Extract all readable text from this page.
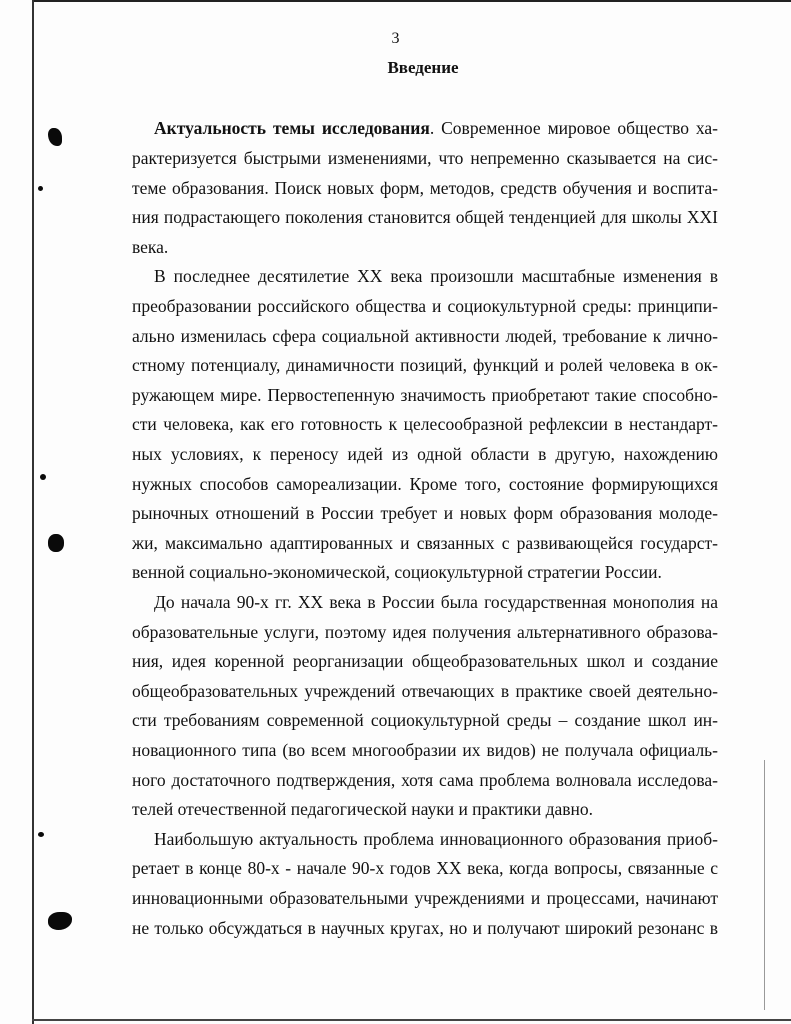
3
Введение
Актуальность темы исследования. Современное мировое общество ха-
рактеризуется быстрыми изменениями, что непременно сказывается на сис-
теме образования. Поиск новых форм, методов, средств обучения и воспита-
ния подрастающего поколения становится общей тенденцией для школы XXI
века.
В последнее десятилетие XX века произошли масштабные изменения в
преобразовании российского общества и социокультурной среды: принципи-
ально изменилась сфера социальной активности людей, требование к лично-
стному потенциалу, динамичности позиций, функций и ролей человека в ок-
ружающем мире. Первостепенную значимость приобретают такие способно-
сти человека, как его готовность к целесообразной рефлексии в нестандарт-
ных условиях, к переносу идей из одной области в другую, нахождению
нужных способов самореализации. Кроме того, состояние формирующихся
рыночных отношений в России требует и новых форм образования молоде-
жи, максимально адаптированных и связанных с развивающейся государст-
венной социально-экономической, социокультурной стратегии России.
До начала 90-х гг. XX века в России была государственная монополия на
образовательные услуги, поэтому идея получения альтернативного образова-
ния, идея коренной реорганизации общеобразовательных школ и создание
общеобразовательных учреждений отвечающих в практике своей деятельно-
сти требованиям современной социокультурной среды – создание школ ин-
новационного типа (во всем многообразии их видов) не получала официаль-
ного достаточного подтверждения, хотя сама проблема волновала исследова-
телей отечественной педагогической науки и практики давно.
Наибольшую актуальность проблема инновационного образования приоб-
ретает в конце 80-х - начале 90-х годов XX века, когда вопросы, связанные с
инновационными образовательными учреждениями и процессами, начинают
не только обсуждаться в научных кругах, но и получают широкий резонанс в
